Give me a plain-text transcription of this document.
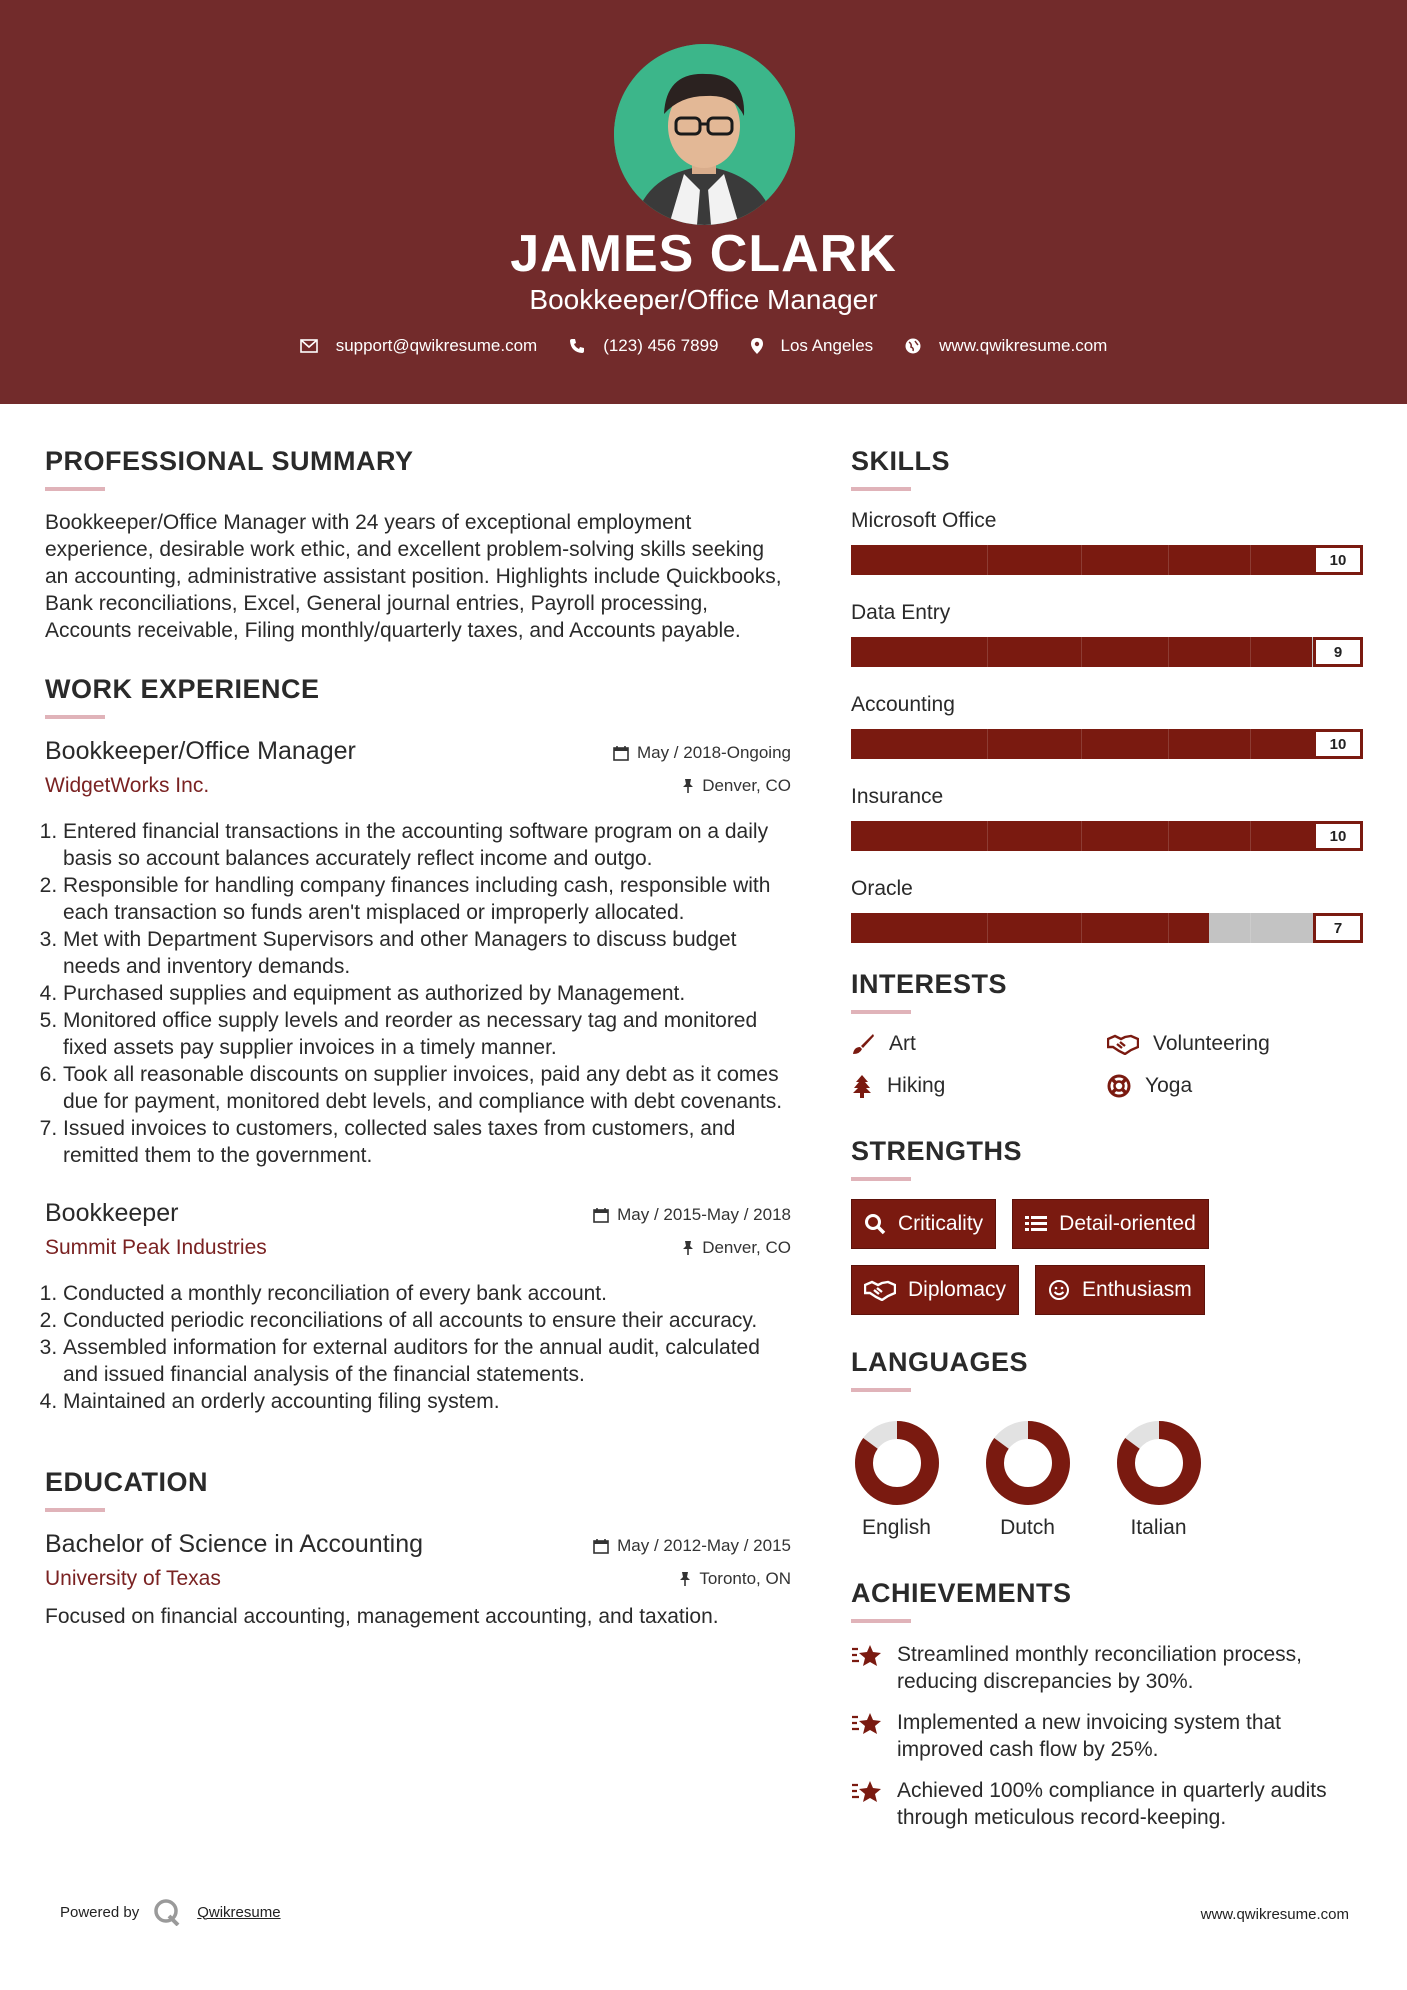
JAMES CLARK
Bookkeeper/Office Manager
support@qwikresume.com	(123) 456 7899	Los Angeles	www.qwikresume.com
PROFESSIONAL SUMMARY
Bookkeeper/Office Manager with 24 years of exceptional employment experience, desirable work ethic, and excellent problem-solving skills seeking an accounting, administrative assistant position. Highlights include Quickbooks, Bank reconciliations, Excel, General journal entries, Payroll processing, Accounts receivable, Filing monthly/quarterly taxes, and Accounts payable.
WORK EXPERIENCE
Bookkeeper/Office Manager	May / 2018-Ongoing
WidgetWorks Inc.	Denver, CO
1. Entered financial transactions in the accounting software program on a daily basis so account balances accurately reflect income and outgo.
2. Responsible for handling company finances including cash, responsible with each transaction so funds aren't misplaced or improperly allocated.
3. Met with Department Supervisors and other Managers to discuss budget needs and inventory demands.
4. Purchased supplies and equipment as authorized by Management.
5. Monitored office supply levels and reorder as necessary tag and monitored fixed assets pay supplier invoices in a timely manner.
6. Took all reasonable discounts on supplier invoices, paid any debt as it comes due for payment, monitored debt levels, and compliance with debt covenants.
7. Issued invoices to customers, collected sales taxes from customers, and remitted them to the government.
Bookkeeper	May / 2015-May / 2018
Summit Peak Industries	Denver, CO
1. Conducted a monthly reconciliation of every bank account.
2. Conducted periodic reconciliations of all accounts to ensure their accuracy.
3. Assembled information for external auditors for the annual audit, calculated and issued financial analysis of the financial statements.
4. Maintained an orderly accounting filing system.
EDUCATION
Bachelor of Science in Accounting	May / 2012-May / 2015
University of Texas	Toronto, ON
Focused on financial accounting, management accounting, and taxation.
SKILLS
Microsoft Office
10
Data Entry
9
Accounting
10
Insurance
10
Oracle
7
INTERESTS
Art	Volunteering
Hiking	Yoga
STRENGTHS
Criticality	Detail-oriented
Diplomacy	Enthusiasm
LANGUAGES
English	Dutch	Italian
ACHIEVEMENTS
Streamlined monthly reconciliation process, reducing discrepancies by 30%.
Implemented a new invoicing system that improved cash flow by 25%.
Achieved 100% compliance in quarterly audits through meticulous record-keeping.
Powered by	Qwikresume	www.qwikresume.com
